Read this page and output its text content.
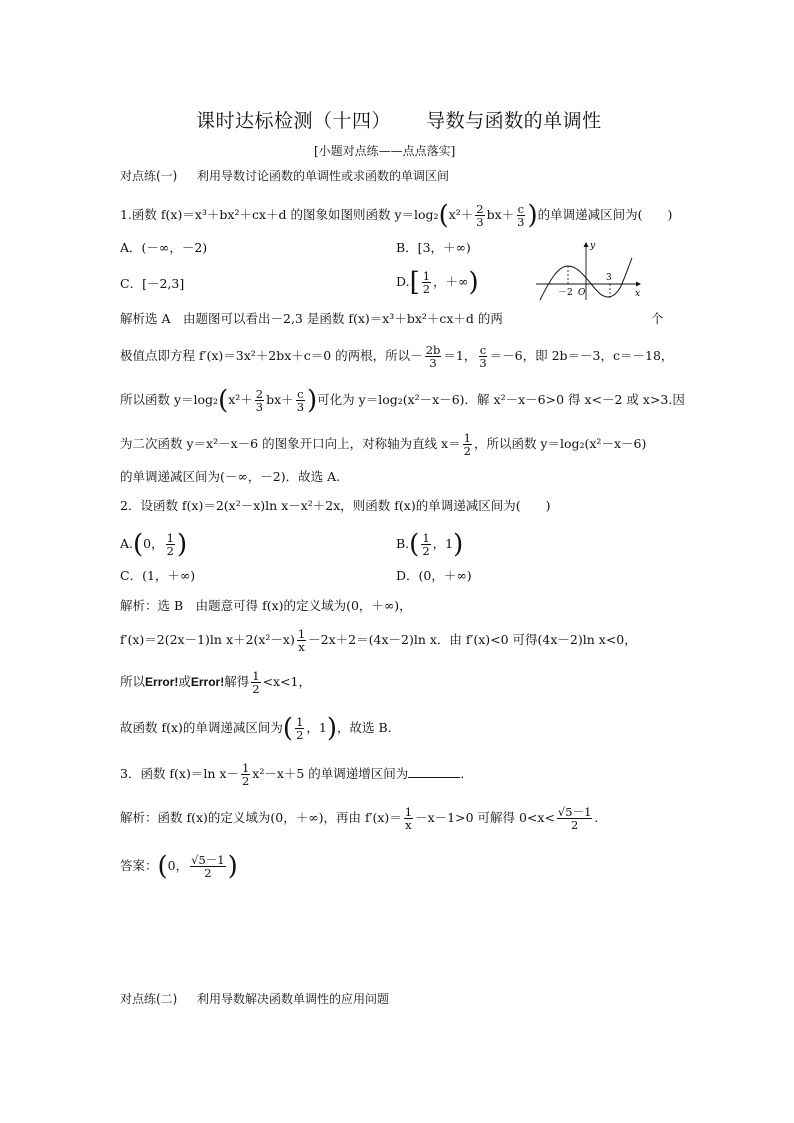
课时达标检测（十四） 导数与函数的单调性
[小题对点练——点点落实]
对点练(一) 利用导数讨论函数的单调性或求函数的单调区间
1.函数 f(x)＝x³＋bx²＋cx＋d 的图象如图则函数 $y=\log_2(x^2+ \frac{2}{3} bx+ \frac{c}{3}$ )的单调递减区间为(　　)
A．(－∞，－2)	B．[3，＋∞)
C．[－2,3]	$D.[ \frac{1}{2}$ ，＋∞)
y
x
O
－2
3
解析选 A　由题图可以看出－2,3 是函数 f(x)＝x³＋bx²＋cx＋d 的两	个
极值点即方程 f′(x)＝3x²＋2bx＋c＝0 的两根，所以－ $\frac{2b}{3} =1$， $\frac{c}{3} =-6$，即 2b＝－3，c＝－18，
所以函数 $y=\log_2(x^2+ \frac{2}{3} bx+ \frac{c}{3}$ )可化为 y＝log₂(x²－x－6)．解 x²－x－6>0 得 x<－2 或 x>3.因
为二次函数 y＝x²－x－6 的图象开口向上，对称轴为直线 $x= \frac{1}{2}$ ，所以函数 y＝log₂(x²－x－6)
的单调递减区间为(－∞，－2)．故选 A.
2．设函数 f(x)＝2(x²－x)ln x－x²＋2x，则函数 f(x)的单调递减区间为(　　)
A.(0， $\frac{1}{2}$ )	$B.( \frac{1}{2}$ ，1)
C．(1，＋∞)	D．(0，＋∞)
解析：选 B　由题意可得 f(x)的定义域为(0，＋∞)，
f′(x)＝2(2x－1)ln $x+2(x^2-x) \frac{1}{x} -2x+2=(4x-2)\ln$ x．由 f′(x)<0 可得(4x－2)ln x<0，
所以Error!或Error!解得 $\frac{1}{2} <x<1$，
故函数 f(x)的单调递减区间为( $\frac{1}{2}$ ，1)，故选 B.
3．函数 f(x)＝ln $x- \frac{1}{2} x^2-x+5$ 的单调递增区间为	．
解析：函数 f(x)的定义域为(0，＋∞)，再由 $f'(x)= \frac{1}{x} -x-1>0$ 可解得 $0<x< \frac{√5-1}{2}$ .
答案：(0， $\frac{√5-1}{2}$ )
对点练(二) 利用导数解决函数单调性的应用问题
